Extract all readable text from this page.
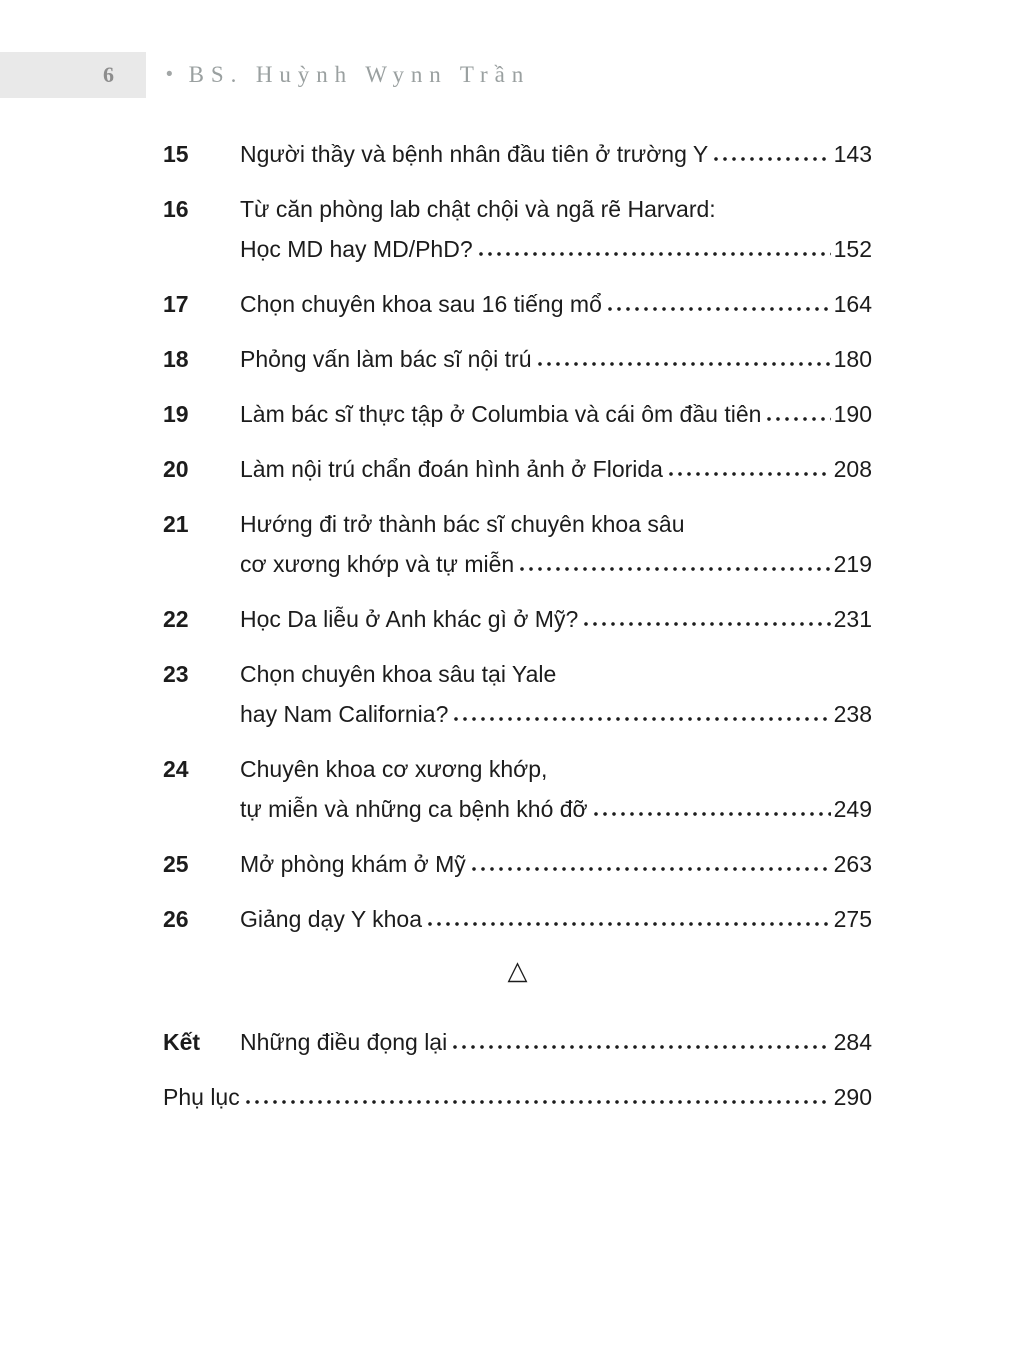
6	• BS. Huỳnh Wynn Trần
15	Người thầy và bệnh nhân đầu tiên ở trường Y	143
16	Từ căn phòng lab chật chội và ngã rẽ Harvard:
Học MD hay MD/PhD?	152
17	Chọn chuyên khoa sau 16 tiếng mổ	164
18	Phỏng vấn làm bác sĩ nội trú	180
19	Làm bác sĩ thực tập ở Columbia và cái ôm đầu tiên	190
20	Làm nội trú chẩn đoán hình ảnh ở Florida	208
21	Hướng đi trở thành bác sĩ chuyên khoa sâu
cơ xương khớp và tự miễn	219
22	Học Da liễu ở Anh khác gì ở Mỹ?	231
23	Chọn chuyên khoa sâu tại Yale
hay Nam California?	238
24	Chuyên khoa cơ xương khớp,
tự miễn và những ca bệnh khó đỡ	249
25	Mở phòng khám ở Mỹ	263
26	Giảng dạy Y khoa	275
△
Kết	Những điều đọng lại	284
Phụ lục	290
